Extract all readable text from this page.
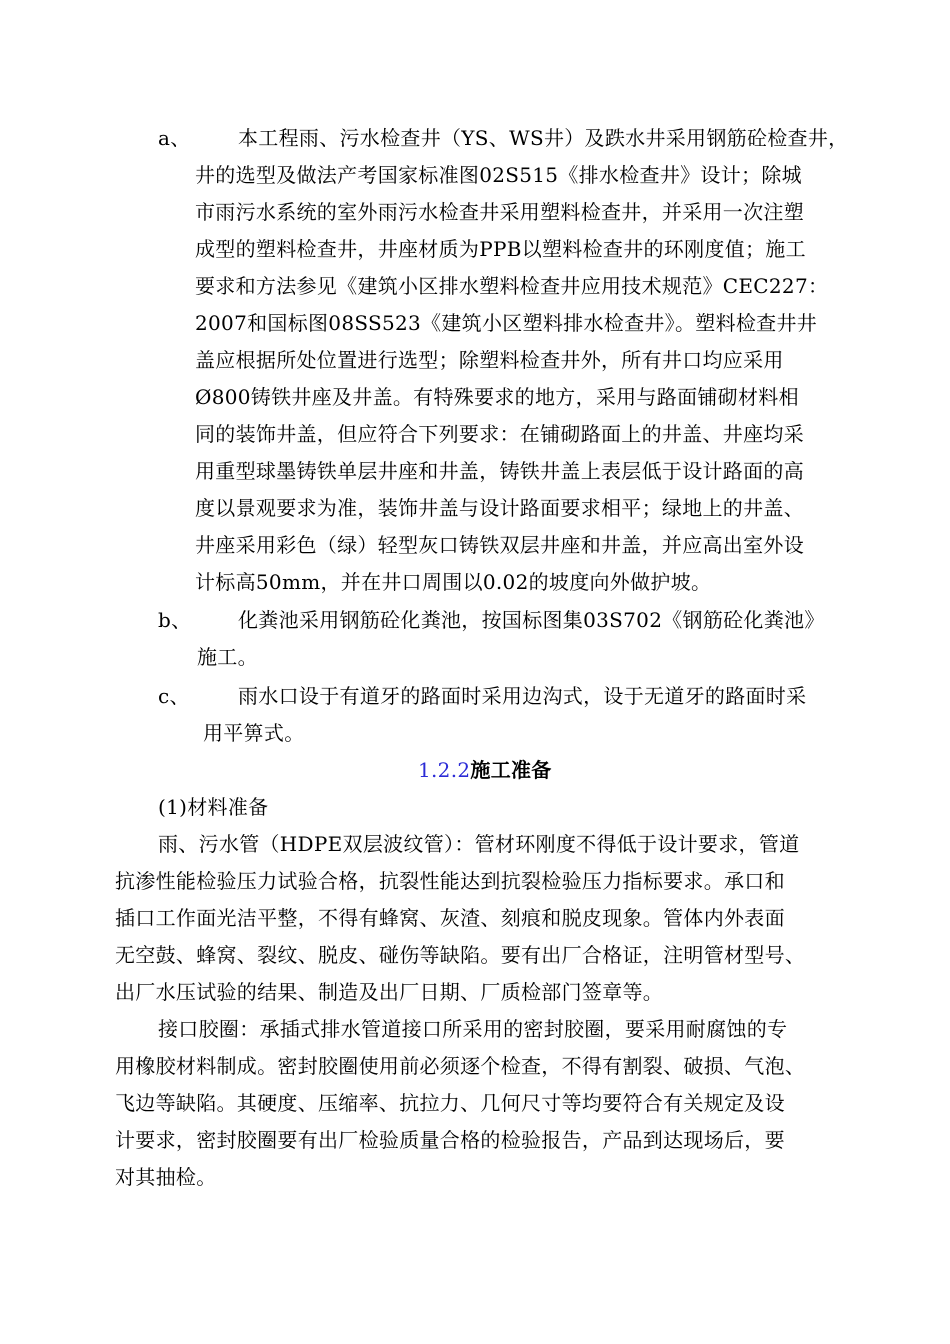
a、 本工程雨、污水检查井（YS、WS井）及跌水井采用钢筋砼检查井，
井的选型及做法产考国家标准图02S515《排水检查井》设计；除城
市雨污水系统的室外雨污水检查井采用塑料检查井，并采用一次注塑
成型的塑料检查井，井座材质为PPB以塑料检查井的环刚度值；施工
要求和方法参见《建筑小区排水塑料检查井应用技术规范》CEC227：
2007和国标图08SS523《建筑小区塑料排水检查井》。塑料检查井井
盖应根据所处位置进行选型；除塑料检查井外，所有井口均应采用
Ø800铸铁井座及井盖。有特殊要求的地方，采用与路面铺砌材料相
同的装饰井盖，但应符合下列要求：在铺砌路面上的井盖、井座均采
用重型球墨铸铁单层井座和井盖，铸铁井盖上表层低于设计路面的高
度以景观要求为准，装饰井盖与设计路面要求相平；绿地上的井盖、
井座采用彩色（绿）轻型灰口铸铁双层井座和井盖，并应高出室外设
计标高50mm，并在井口周围以0.02的坡度向外做护坡。
b、 化粪池采用钢筋砼化粪池，按国标图集03S702《钢筋砼化粪池》
施工。
c、 雨水口设于有道牙的路面时采用边沟式，设于无道牙的路面时采
用平箅式。
1.2.2施工准备
(1)材料准备
雨、污水管（HDPE双层波纹管）：管材环刚度不得低于设计要求，管道
抗渗性能检验压力试验合格，抗裂性能达到抗裂检验压力指标要求。承口和
插口工作面光洁平整，不得有蜂窝、灰渣、刻痕和脱皮现象。管体内外表面
无空鼓、蜂窝、裂纹、脱皮、碰伤等缺陷。要有出厂合格证，注明管材型号、
出厂水压试验的结果、制造及出厂日期、厂质检部门签章等。
接口胶圈：承插式排水管道接口所采用的密封胶圈，要采用耐腐蚀的专
用橡胶材料制成。密封胶圈使用前必须逐个检查，不得有割裂、破损、气泡、
飞边等缺陷。其硬度、压缩率、抗拉力、几何尺寸等均要符合有关规定及设
计要求，密封胶圈要有出厂检验质量合格的检验报告，产品到达现场后，要
对其抽检。
